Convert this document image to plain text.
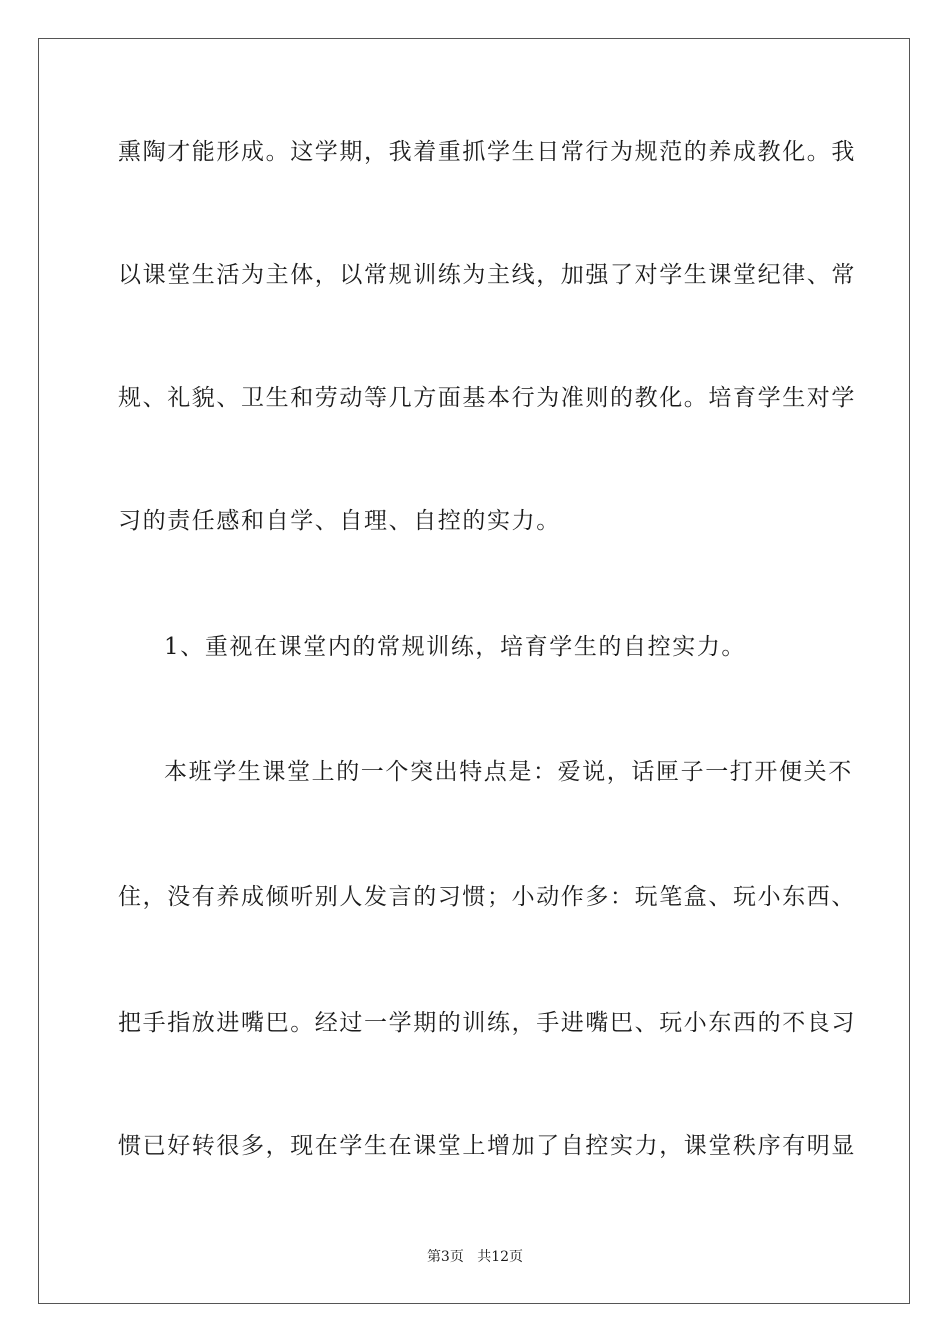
熏陶才能形成。这学期，我着重抓学生日常行为规范的养成教化。我
以课堂生活为主体，以常规训练为主线，加强了对学生课堂纪律、常
规、礼貌、卫生和劳动等几方面基本行为准则的教化。培育学生对学
习的责任感和自学、自理、自控的实力。
1、重视在课堂内的常规训练，培育学生的自控实力。
本班学生课堂上的一个突出特点是：爱说，话匣子一打开便关不
住，没有养成倾听别人发言的习惯；小动作多：玩笔盒、玩小东西、
把手指放进嘴巴。经过一学期的训练，手进嘴巴、玩小东西的不良习
惯已好转很多，现在学生在课堂上增加了自控实力，课堂秩序有明显
第3页 共12页
